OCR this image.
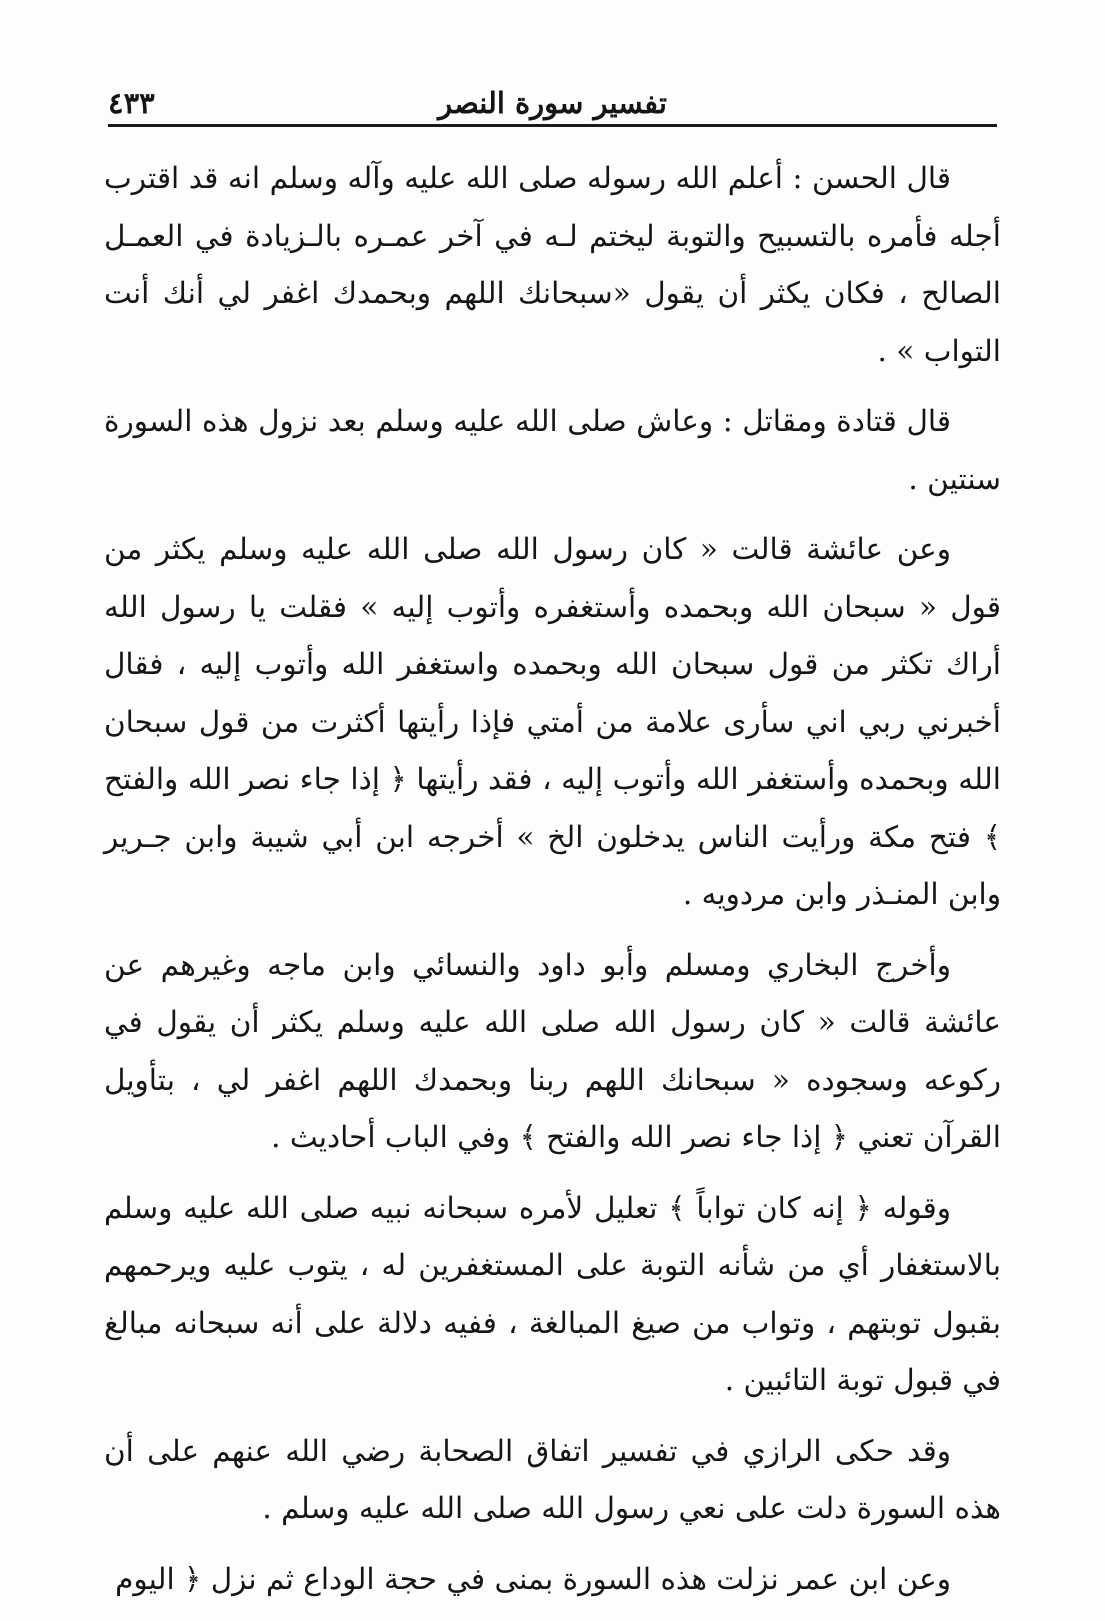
٤٣٣	تفسير سورة النصر

قال الحسن : أعلم الله رسوله صلى الله عليه وآله وسلم انه قد اقترب أجله فأمره بالتسبيح والتوبة ليختم لـه في آخر عمـره بالـزيادة في العمـل الصالح ، فكان يكثر أن يقول «سبحانك اللهم وبحمدك اغفر لي أنك أنت التواب » .

قال قتادة ومقاتل : وعاش صلى الله عليه وسلم بعد نزول هذه السورة سنتين .

وعن عائشة قالت « كان رسول الله صلى الله عليه وسلم يكثر من قول « سبحان الله وبحمده وأستغفره وأتوب إليه » فقلت يا رسول الله أراك تكثر من قول سبحان الله وبحمده واستغفر الله وأتوب إليه ، فقال أخبرني ربي اني سأرى علامة من أمتي فإذا رأيتها أكثرت من قول سبحان الله وبحمده وأستغفر الله وأتوب إليه ، فقد رأيتها ﴿ إذا جاء نصر الله والفتح ﴾ فتح مكة ورأيت الناس يدخلون الخ » أخرجه ابن أبي شيبة وابن جـرير وابن المنـذر وابن مردويه .

وأخرج البخاري ومسلم وأبو داود والنسائي وابن ماجه وغيرهم عن عائشة قالت « كان رسول الله صلى الله عليه وسلم يكثر أن يقول في ركوعه وسجوده « سبحانك اللهم ربنا وبحمدك اللهم اغفر لي ، بتأويل القرآن تعني ﴿ إذا جاء نصر الله والفتح ﴾ وفي الباب أحاديث .

وقوله ﴿ إنه كان تواباً ﴾ تعليل لأمره سبحانه نبيه صلى الله عليه وسلم بالاستغفار أي من شأنه التوبة على المستغفرين له ، يتوب عليه ويرحمهم بقبول توبتهم ، وتواب من صيغ المبالغة ، ففيه دلالة على أنه سبحانه مبالغ في قبول توبة التائبين .

وقد حكى الرازي في تفسير اتفاق الصحابة رضي الله عنهم على أن هذه السورة دلت على نعي رسول الله صلى الله عليه وسلم .

وعن ابن عمر نزلت هذه السورة بمنى في حجة الوداع ثم نزل ﴿ اليوم
